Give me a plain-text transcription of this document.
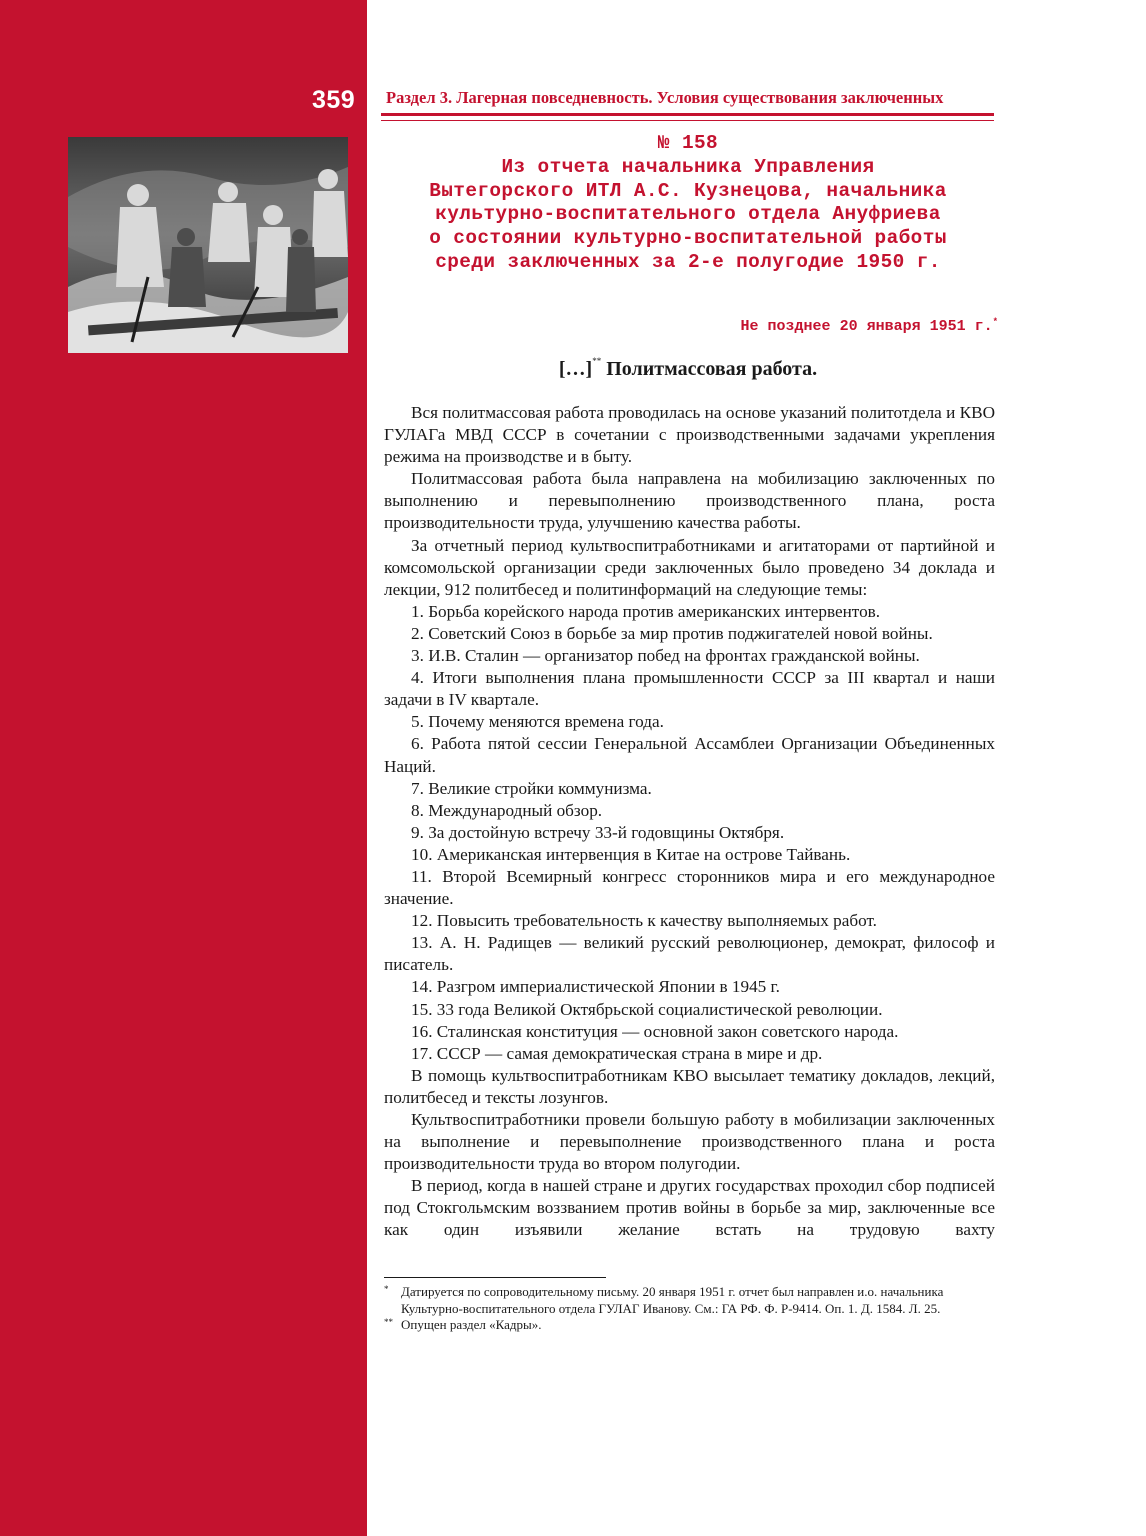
359 Раздел 3. Лагерная повседневность. Условия существования заключенных
№ 158
Из отчета начальника Управления
Вытегорского ИТЛ А.С. Кузнецова, начальника
культурно-воспитательного отдела Ануфриева
о состоянии культурно-воспитательной работы
среди заключенных за 2-е полугодие 1950 г.
Не позднее 20 января 1951 г.*
[…]** Политмассовая работа.

Вся политмассовая работа проводилась на основе указаний политотдела и КВО ГУЛАГа МВД СССР в сочетании с производственными задачами укрепления режима на производстве и в быту.

Политмассовая работа была направлена на мобилизацию заключенных по выполнению и перевыполнению производственного плана, роста производительности труда, улучшению качества работы.

За отчетный период культвоспитработниками и агитаторами от партийной и комсомольской организации среди заключенных было проведено 34 доклада и лекции, 912 политбесед и политинформаций на следующие темы:

1. Борьба корейского народа против американских интервентов.
2. Советский Союз в борьбе за мир против поджигателей новой войны.
3. И.В. Сталин — организатор побед на фронтах гражданской войны.
4. Итоги выполнения плана промышленности СССР за III квартал и наши задачи в IV квартале.
5. Почему меняются времена года.
6. Работа пятой сессии Генеральной Ассамблеи Организации Объединенных Наций.
7. Великие стройки коммунизма.
8. Международный обзор.
9. За достойную встречу 33-й годовщины Октября.
10. Американская интервенция в Китае на острове Тайвань.
11. Второй Всемирный конгресс сторонников мира и его международное значение.
12. Повысить требовательность к качеству выполняемых работ.
13. А. Н. Радищев — великий русский революционер, демократ, философ и писатель.
14. Разгром империалистической Японии в 1945 г.
15. 33 года Великой Октябрьской социалистической революции.
16. Сталинская конституция — основной закон советского народа.
17. СССР — самая демократическая страна в мире и др.

В помощь культвоспитработникам КВО высылает тематику докладов, лекций, политбесед и тексты лозунгов.

Культвоспитработники провели большую работу в мобилизации заключенных на выполнение и перевыполнение производственного плана и роста производительности труда во втором полугодии.

В период, когда в нашей стране и других государствах проходил сбор подписей под Стокгольмским воззванием против войны в борьбе за мир, заключенные все как один изъявили желание встать на трудовую вахту

* Датируется по сопроводительному письму. 20 января 1951 г. отчет был направлен и.о. начальника Культурно-воспитательного отдела ГУЛАГ Иванову. См.: ГА РФ. Ф. Р-9414. Оп. 1. Д. 1584. Л. 25.
** Опущен раздел «Кадры».
